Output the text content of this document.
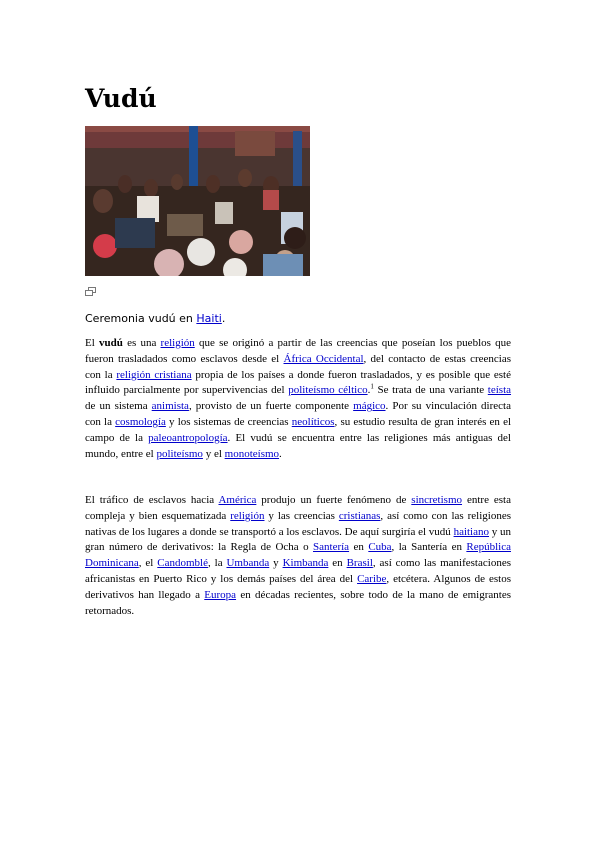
Vudú
Ceremonia vudú en Haiti.

El vudú es una religión que se originó a partir de las creencias que poseían los pueblos que fueron trasladados como esclavos desde el África Occidental, del contacto de estas creencias con la religión cristiana propia de los países a donde fueron trasladados, y es posible que esté influido parcialmente por supervivencias del politeísmo céltico.$^1$ Se trata de una variante teísta de un sistema animista, provisto de un fuerte componente mágico. Por su vinculación directa con la cosmología y los sistemas de creencias neolíticos, su estudio resulta de gran interés en el campo de la paleoantropología. El vudú se encuentra entre las religiones más antiguas del mundo, entre el politeísmo y el monoteísmo.

El tráfico de esclavos hacia América produjo un fuerte fenómeno de sincretismo entre esta compleja y bien esquematizada religión y las creencias cristianas, así como con las religiones nativas de los lugares a donde se transportó a los esclavos. De aquí surgiría el vudú haitiano y un gran número de derivativos: la Regla de Ocha o Santería en Cuba, la Santería en República Dominicana, el Candomblé, la Umbanda y Kimbanda en Brasil, así como las manifestaciones africanistas en Puerto Rico y los demás países del área del Caribe, etcétera. Algunos de estos derivativos han llegado a Europa en décadas recientes, sobre todo de la mano de emigrantes retornados.
